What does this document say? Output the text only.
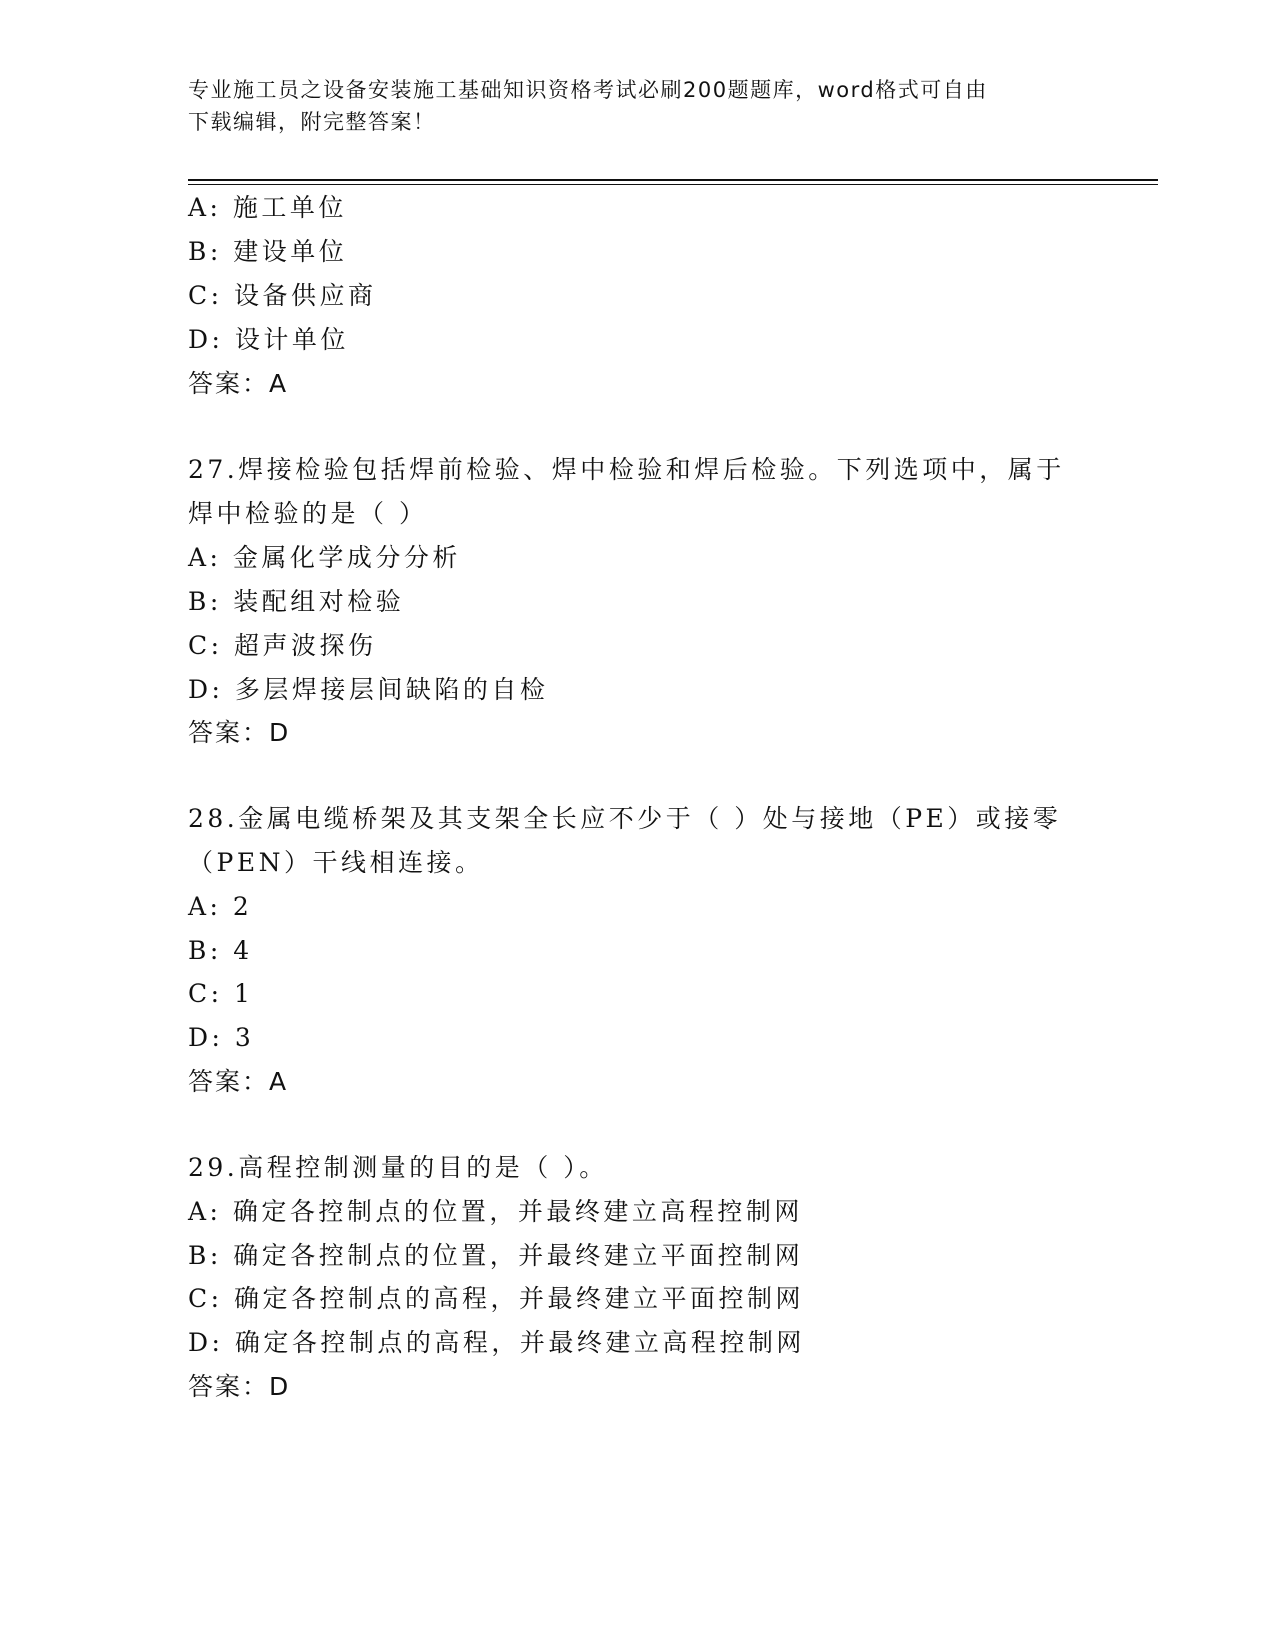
专业施工员之设备安装施工基础知识资格考试必刷200题题库，word格式可自由
下载编辑，附完整答案！
A: 施工单位
B: 建设单位
C: 设备供应商
D: 设计单位
答案：A
27.焊接检验包括焊前检验、焊中检验和焊后检验。下列选项中，属于
焊中检验的是（ ）
A: 金属化学成分分析
B: 装配组对检验
C: 超声波探伤
D: 多层焊接层间缺陷的自检
答案：D
28.金属电缆桥架及其支架全长应不少于（ ）处与接地（PE）或接零
（PEN）干线相连接。
A: 2
B: 4
C: 1
D: 3
答案：A
29.高程控制测量的目的是（ ）。
A: 确定各控制点的位置，并最终建立高程控制网
B: 确定各控制点的位置，并最终建立平面控制网
C: 确定各控制点的高程，并最终建立平面控制网
D: 确定各控制点的高程，并最终建立高程控制网
答案：D
